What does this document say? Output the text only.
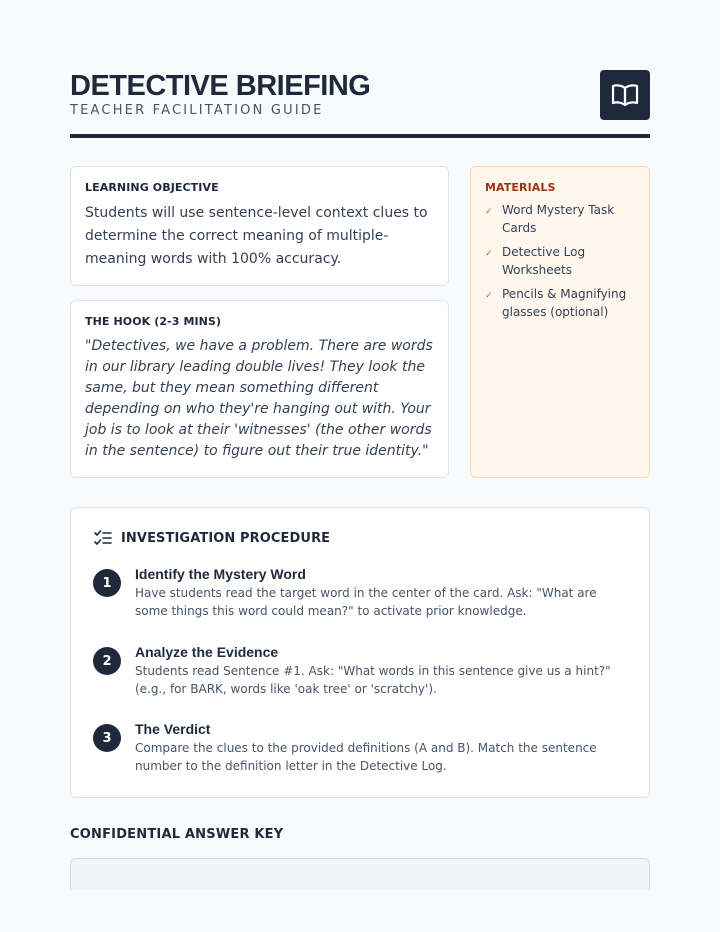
DETECTIVE BRIEFING
TEACHER FACILITATION GUIDE
LEARNING OBJECTIVE
Students will use sentence-level context clues to determine the correct meaning of multiple-meaning words with 100% accuracy.
THE HOOK (2-3 MINS)
"Detectives, we have a problem. There are words in our library leading double lives! They look the same, but they mean something different depending on who they're hanging out with. Your job is to look at their 'witnesses' (the other words in the sentence) to figure out their true identity."
MATERIALS
✓ Word Mystery Task Cards
✓ Detective Log Worksheets
✓ Pencils & Magnifying glasses (optional)
INVESTIGATION PROCEDURE
1
Identify the Mystery Word
Have students read the target word in the center of the card. Ask: "What are some things this word could mean?" to activate prior knowledge.
2
Analyze the Evidence
Students read Sentence #1. Ask: "What words in this sentence give us a hint?" (e.g., for BARK, words like 'oak tree' or 'scratchy').
3
The Verdict
Compare the clues to the provided definitions (A and B). Match the sentence number to the definition letter in the Detective Log.
CONFIDENTIAL ANSWER KEY
